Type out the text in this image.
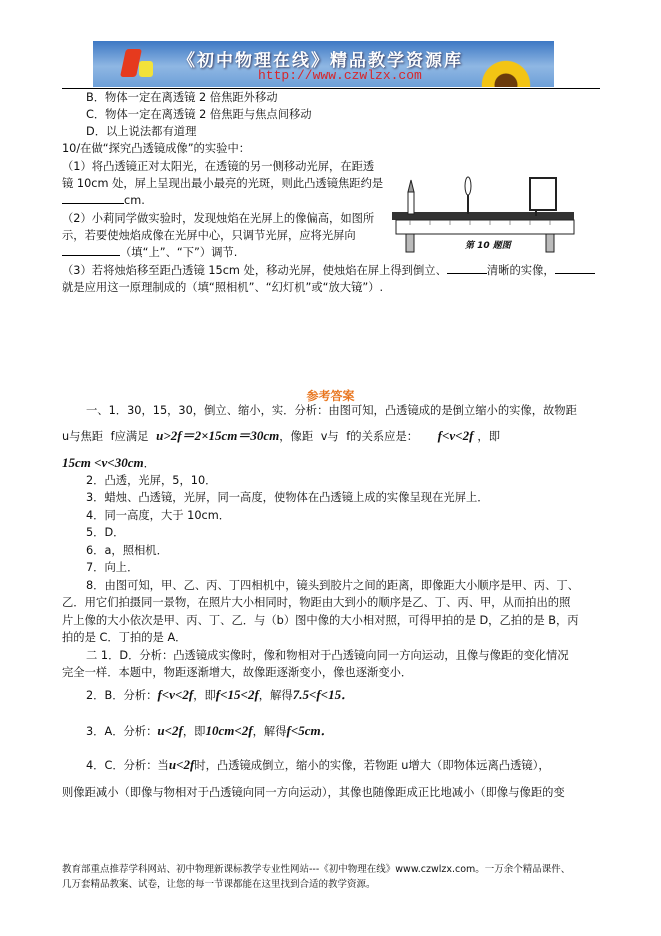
《初中物理在线》精品教学资源库
http://www.czwlzx.com
B．物体一定在离透镜 2 倍焦距外移动
C．物体一定在离透镜 2 倍焦距与焦点间移动
D．以上说法都有道理
10/在做“探究凸透镜成像”的实验中：
（1）将凸透镜正对太阳光，在透镜的另一侧移动光屏，在距透
镜 10cm 处，屏上呈现出最小最亮的光斑，则此凸透镜焦距约是
cm.
（2）小莉同学做实验时，发现烛焰在光屏上的像偏高，如图所
示，若要使烛焰成像在光屏中心，只调节光屏，应将光屏向
（填“上”、“下”）调节.
（3）若将烛焰移至距凸透镜 15cm 处，移动光屏，使烛焰在屏上得到倒立、	清晰的实像，
就是应用这一原理制成的（填“照相机”、“幻灯机”或“放大镜”）.
第 10 题图
参考答案
一、1．30，15，30，倒立、缩小，实．分析：由图可知，凸透镜成的是倒立缩小的实像，故物距
u与焦距 f应满足 u>2f＝2×15cm＝30cm，像距 v与 f的关系应是： f<v<2f ，即
15cm <v<30cm．
2．凸透，光屏，5，10．
3．蜡烛、凸透镜，光屏，同一高度，使物体在凸透镜上成的实像呈现在光屏上．
4．同一高度，大于 10cm．
5．D．
6．a，照相机．
7．向上．
8．由图可知，甲、乙、丙、丁四相机中，镜头到胶片之间的距离，即像距大小顺序是甲、丙、丁、
乙．用它们拍摄同一景物，在照片大小相同时，物距由大到小的顺序是乙、丁、丙、甲，从而拍出的照
片上像的大小依次是甲、丙、丁、乙．与（b）图中像的大小相对照，可得甲拍的是 D，乙拍的是 B，丙
拍的是 C．丁拍的是 A．
二 1．D．分析：凸透镜成实像时，像和物相对于凸透镜向同一方向运动，且像与像距的变化情况
完全一样．本题中，物距逐渐增大，故像距逐渐变小，像也逐渐变小．
2．B．分析：f<v<2f，即f<15<2f，解得7.5<f<15．
3．A．分析：u<2f，即10cm<2f，解得f<5cm．
4．C．分析：当u<2f时，凸透镜成倒立，缩小的实像，若物距 u增大（即物体远离凸透镜），
则像距减小（即像与物相对于凸透镜向同一方向运动），其像也随像距成正比地减小（即像与像距的变
教育部重点推荐学科网站、初中物理新课标教学专业性网站---《初中物理在线》www.czwlzx.com。一万余个精品课件、
几万套精品教案、试卷，让您的每一节课都能在这里找到合适的教学资源。
